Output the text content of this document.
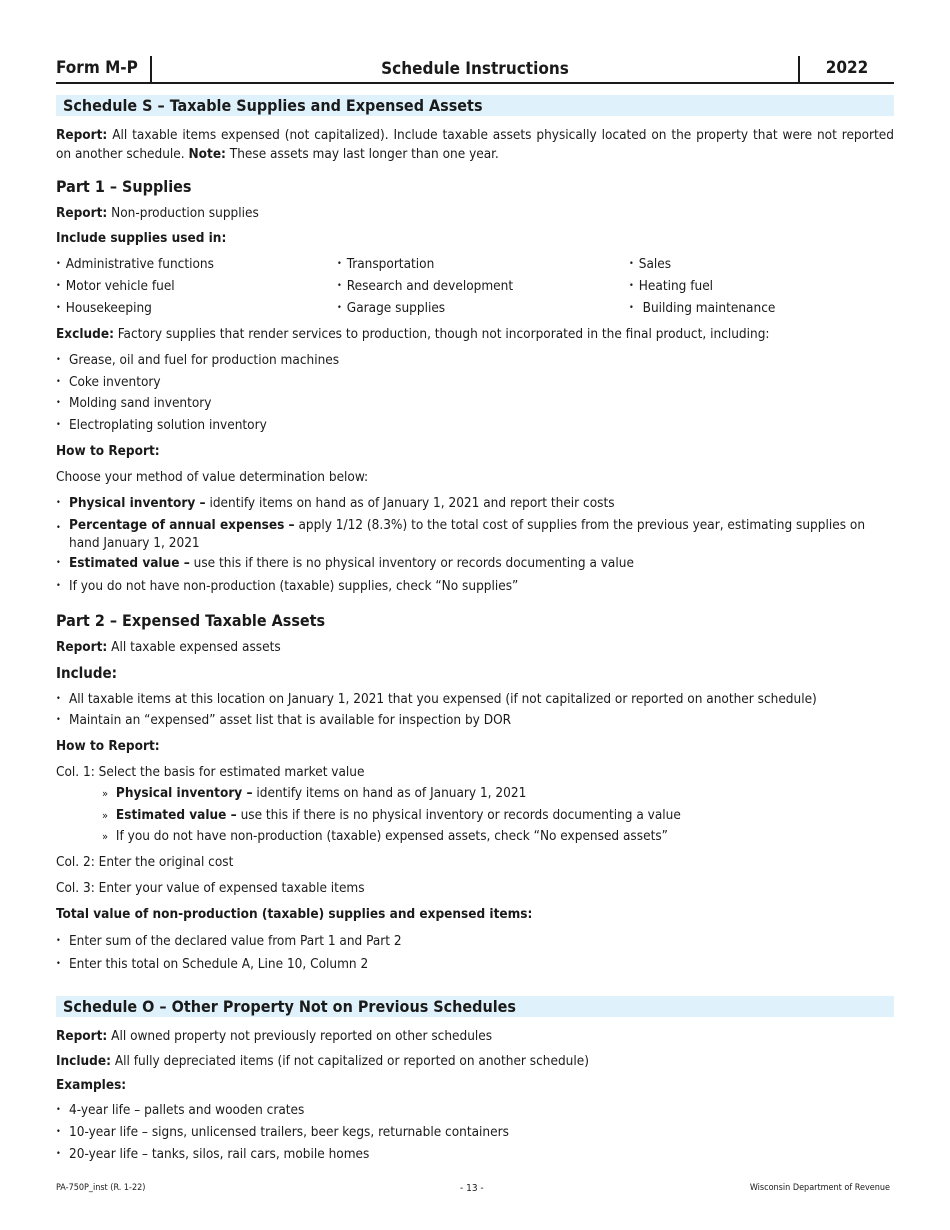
Form M-P	Schedule Instructions	2022
Schedule S – Taxable Supplies and Expensed Assets
Report: All taxable items expensed (not capitalized). Include taxable assets physically located on the property that were not reported on another schedule. Note: These assets may last longer than one year.
Part 1 – Supplies
Report: Non-production supplies
Include supplies used in:
• Administrative functions
• Motor vehicle fuel
• Housekeeping
• Transportation
• Research and development
• Garage supplies
• Sales
• Heating fuel
• Building maintenance
Exclude: Factory supplies that render services to production, though not incorporated in the final product, including:
• Grease, oil and fuel for production machines
• Coke inventory
• Molding sand inventory
• Electroplating solution inventory
How to Report:
Choose your method of value determination below:
• Physical inventory – identify items on hand as of January 1, 2021 and report their costs
• Percentage of annual expenses – apply 1/12 (8.3%) to the total cost of supplies from the previous year, estimating supplies on hand January 1, 2021
• Estimated value – use this if there is no physical inventory or records documenting a value
• If you do not have non-production (taxable) supplies, check “No supplies”
Part 2 – Expensed Taxable Assets
Report: All taxable expensed assets
Include:
• All taxable items at this location on January 1, 2021 that you expensed (if not capitalized or reported on another schedule)
• Maintain an “expensed” asset list that is available for inspection by DOR
How to Report:
Col. 1: Select the basis for estimated market value
» Physical inventory – identify items on hand as of January 1, 2021
» Estimated value – use this if there is no physical inventory or records documenting a value
» If you do not have non-production (taxable) expensed assets, check “No expensed assets”
Col. 2: Enter the original cost
Col. 3: Enter your value of expensed taxable items
Total value of non-production (taxable) supplies and expensed items:
• Enter sum of the declared value from Part 1 and Part 2
• Enter this total on Schedule A, Line 10, Column 2
Schedule O – Other Property Not on Previous Schedules
Report: All owned property not previously reported on other schedules
Include: All fully depreciated items (if not capitalized or reported on another schedule)
Examples:
• 4-year life – pallets and wooden crates
• 10-year life – signs, unlicensed trailers, beer kegs, returnable containers
• 20-year life – tanks, silos, rail cars, mobile homes
PA-750P_inst (R. 1-22)	- 13 -	Wisconsin Department of Revenue
